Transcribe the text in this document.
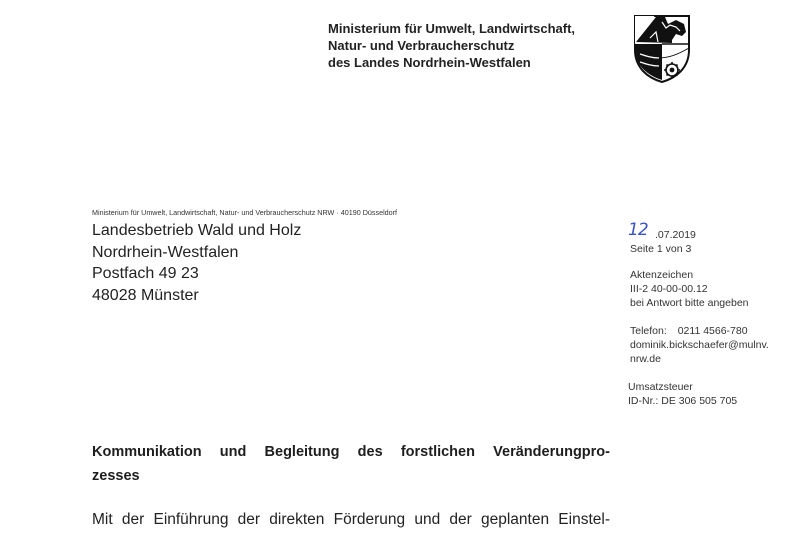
Ministerium für Umwelt, Landwirtschaft,
Natur- und Verbraucherschutz
des Landes Nordrhein-Westfalen
Ministerium für Umwelt, Landwirtschaft, Natur- und Verbraucherschutz NRW · 40190 Düsseldorf
Landesbetrieb Wald und Holz
Nordrhein-Westfalen
Postfach 49 23
48028 Münster
12 .07.2019
Seite 1 von 3
Aktenzeichen
III-2 40-00-00.12
bei Antwort bitte angeben
Telefon: 0211 4566-780
dominik.bickschaefer@mulnv.
nrw.de
Umsatzsteuer
ID-Nr.: DE 306 505 705
Kommunikation und Begleitung des forstlichen Veränderungpro-
zesses
Mit der Einführung der direkten Förderung und der geplanten Einstel-
